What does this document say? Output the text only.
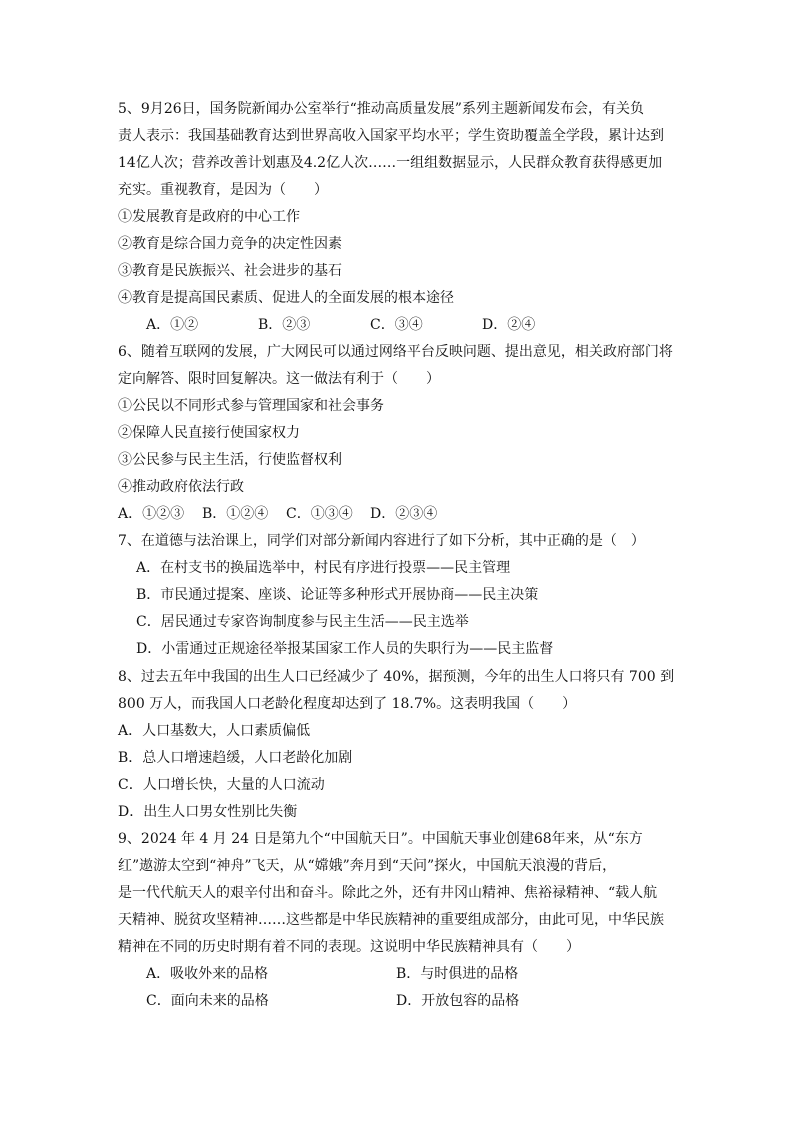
5、9月26日，国务院新闻办公室举行“推动高质量发展”系列主题新闻发布会，有关负
责人表示：我国基础教育达到世界高收入国家平均水平；学生资助覆盖全学段，累计达到
14亿人次；营养改善计划惠及4.2亿人次……一组组数据显示，人民群众教育获得感更加
充实。重视教育，是因为（　　）
①发展教育是政府的中心工作
②教育是综合国力竞争的决定性因素
③教育是民族振兴、社会进步的基石
④教育是提高国民素质、促进人的全面发展的根本途径
A．①②	B．②③	C．③④	D．②④
6、随着互联网的发展，广大网民可以通过网络平台反映问题、提出意见，相关政府部门将
定向解答、限时回复解决。这一做法有利于（　　）
①公民以不同形式参与管理国家和社会事务
②保障人民直接行使国家权力
③公民参与民主生活，行使监督权利
④推动政府依法行政
A．①②③	B．①②④	C．①③④	D．②③④
7、在道德与法治课上，同学们对部分新闻内容进行了如下分析，其中正确的是（　）
A．在村支书的换届选举中，村民有序进行投票——民主管理
B．市民通过提案、座谈、论证等多种形式开展协商——民主决策
C．居民通过专家咨询制度参与民主生活——民主选举
D．小雷通过正规途径举报某国家工作人员的失职行为——民主监督
8、过去五年中我国的出生人口已经减少了 40%，据预测，今年的出生人口将只有 700 到
800 万人，而我国人口老龄化程度却达到了 18.7%。这表明我国（　　）
A．人口基数大，人口素质偏低
B．总人口增速趋缓，人口老龄化加剧
C．人口增长快，大量的人口流动
D．出生人口男女性别比失衡
9、2024 年 4 月 24 日是第九个“中国航天日”。中国航天事业创建68年来，从“东方
红”遨游太空到“神舟”飞天，从“嫦娥”奔月到“天问”探火，中国航天浪漫的背后，
是一代代航天人的艰辛付出和奋斗。除此之外，还有井冈山精神、焦裕禄精神、“载人航
天精神、脱贫攻坚精神……这些都是中华民族精神的重要组成部分，由此可见，中华民族
精神在不同的历史时期有着不同的表现。这说明中华民族精神具有（　　）
A．吸收外来的品格	B．与时俱进的品格
C．面向未来的品格	D．开放包容的品格
